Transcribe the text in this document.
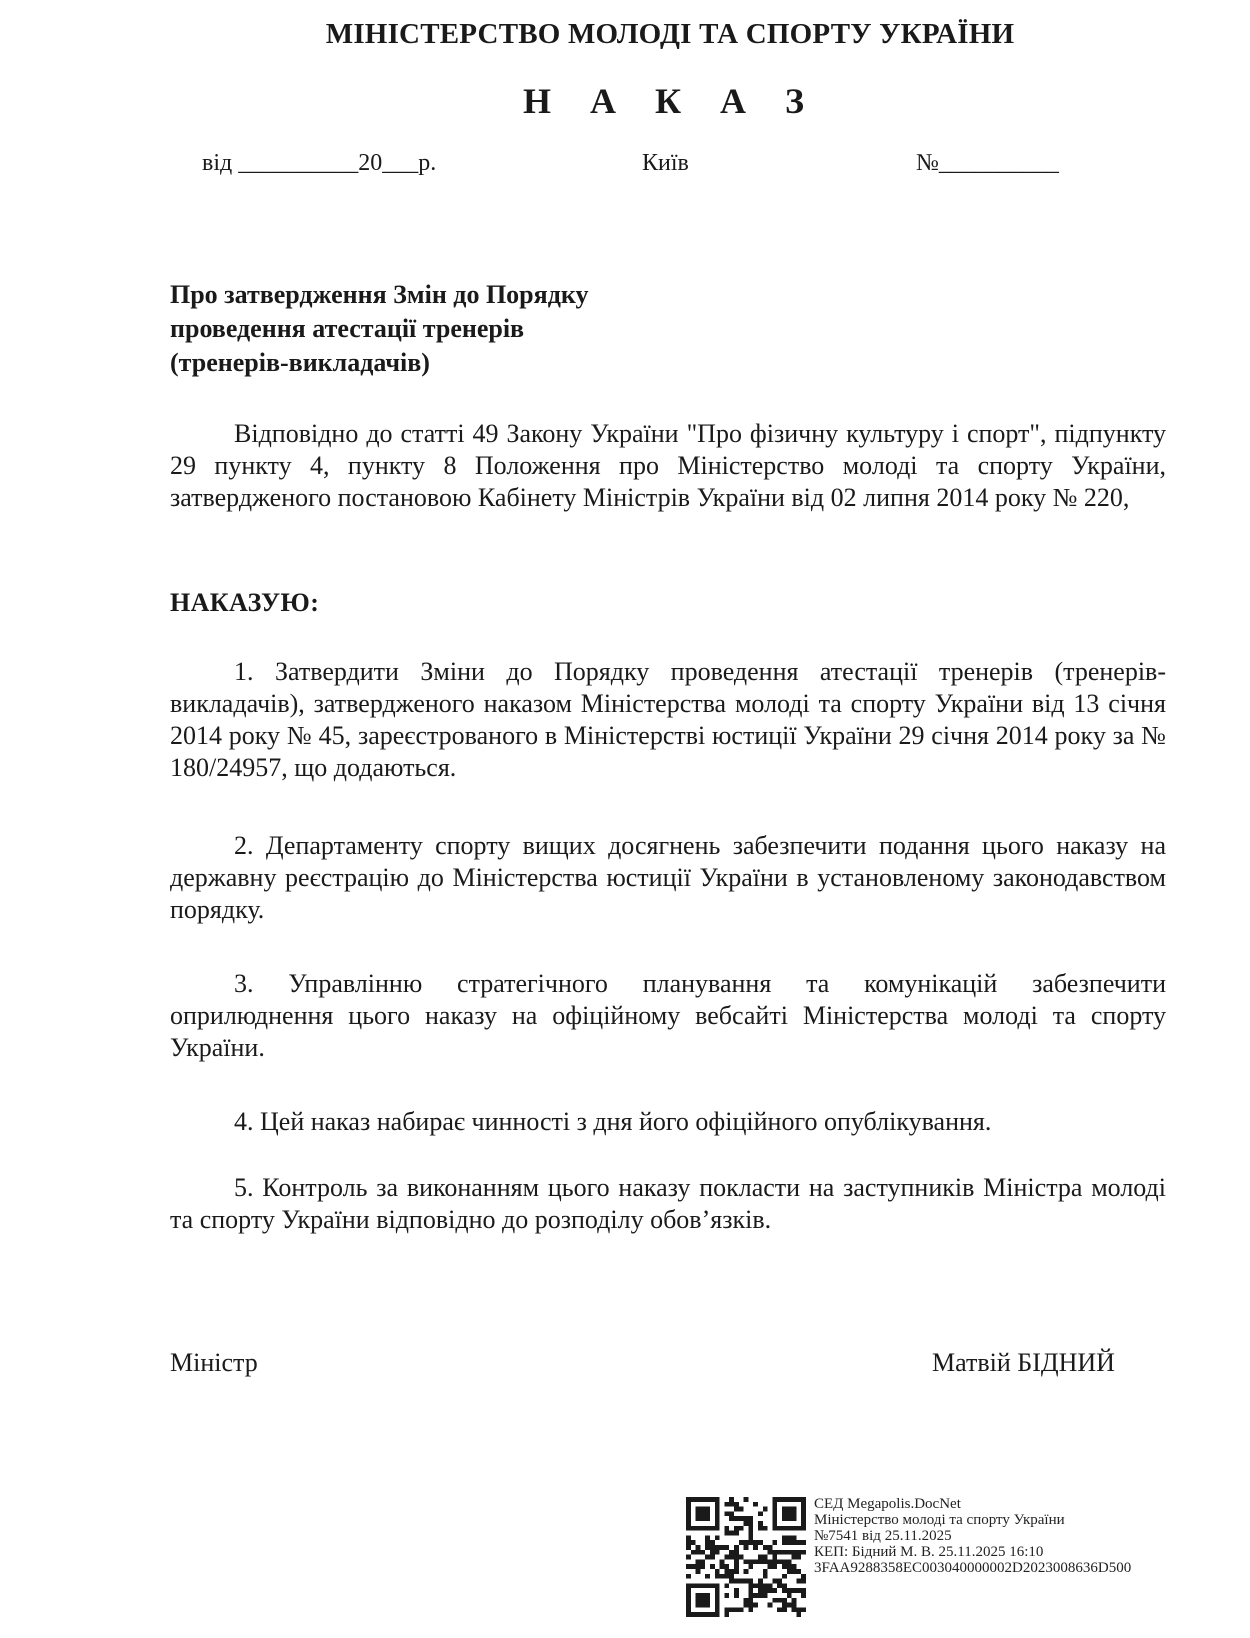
МІНІСТЕРСТВО МОЛОДІ ТА СПОРТУ УКРАЇНИ
Н А К А З
від __________20___р.	Київ	№__________
Про затвердження Змін до Порядку
проведення атестації тренерів
(тренерів-викладачів)

Відповідно до статті 49 Закону України "Про фізичну культуру і спорт", підпункту 29 пункту 4, пункту 8 Положення про Міністерство молоді та спорту України, затвердженого постановою Кабінету Міністрів України від 02 липня 2014 року № 220,

НАКАЗУЮ:

1. Затвердити Зміни до Порядку проведення атестації тренерів (тренерів-викладачів), затвердженого наказом Міністерства молоді та спорту України від 13 січня 2014 року № 45, зареєстрованого в Міністерстві юстиції України 29 січня 2014 року за № 180/24957, що додаються.

2. Департаменту спорту вищих досягнень забезпечити подання цього наказу на державну реєстрацію до Міністерства юстиції України в установленому законодавством порядку.

3. Управлінню стратегічного планування та комунікацій забезпечити оприлюднення цього наказу на офіційному вебсайті Міністерства молоді та спорту України.

4. Цей наказ набирає чинності з дня його офіційного опублікування.

5. Контроль за виконанням цього наказу покласти на заступників Міністра молоді та спорту України відповідно до розподілу обов’язків.

Міністр	Матвій БІДНИЙ
СЕД Megapolis.DocNet
Міністерство молоді та спорту України
№7541 від 25.11.2025
КЕП: Бідний М. В. 25.11.2025 16:10
3FAA9288358EC003040000002D2023008636D500
